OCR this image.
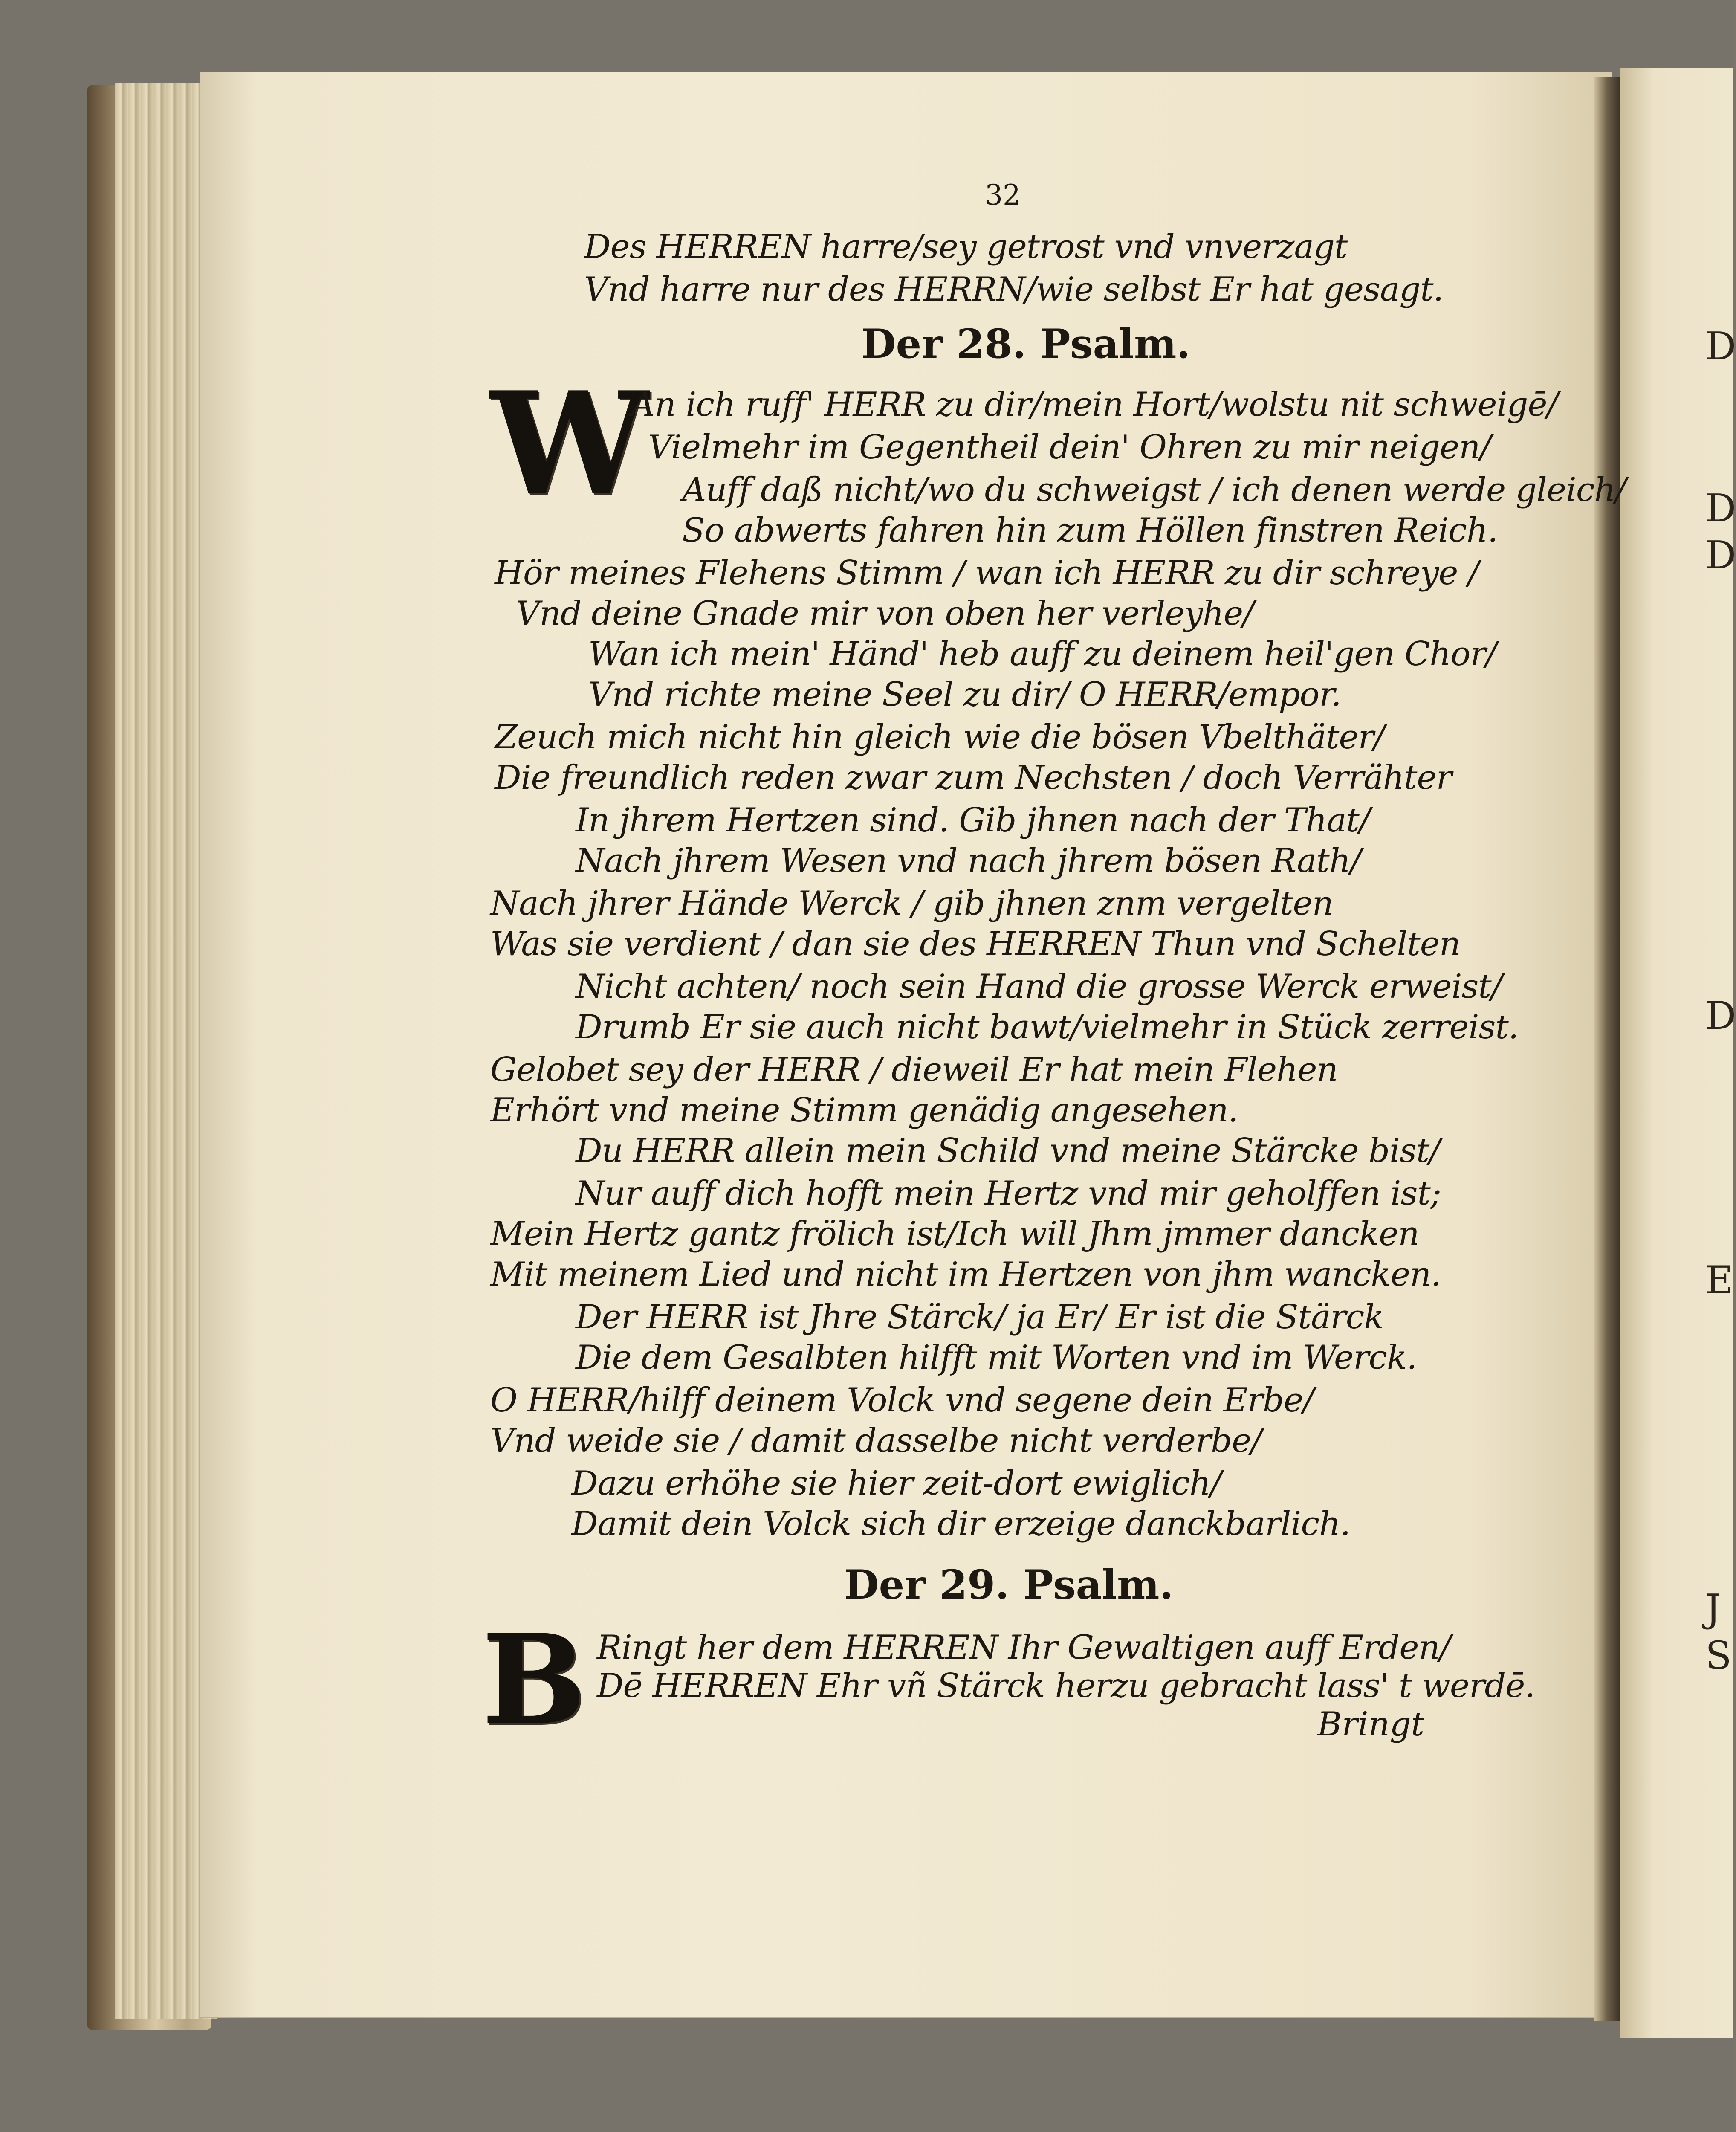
D
D
D
D
E
J
S
32
Des HERREN harre/sey getrost vnd vnverzagt
Vnd harre nur des HERRN/wie selbst Er hat gesagt.
Der 28. Psalm.
W
An ich ruff' HERR zu dir/mein Hort/wolstu nit schweigē/
Vielmehr im Gegentheil dein' Ohren zu mir neigen/
Auff daß nicht/wo du schweigst / ich denen werde gleich/
So abwerts fahren hin zum Höllen finstren Reich.
Hör meines Flehens Stimm / wan ich HERR zu dir schreye /
Vnd deine Gnade mir von oben her verleyhe/
Wan ich mein' Händ' heb auff zu deinem heil'gen Chor/
Vnd richte meine Seel zu dir/ O HERR/empor.
Zeuch mich nicht hin gleich wie die bösen Vbelthäter/
Die freundlich reden zwar zum Nechsten / doch Verrähter
In jhrem Hertzen sind. Gib jhnen nach der That/
Nach jhrem Wesen vnd nach jhrem bösen Rath/
Nach jhrer Hände Werck / gib jhnen znm vergelten
Was sie verdient / dan sie des HERREN Thun vnd Schelten
Nicht achten/ noch sein Hand die grosse Werck erweist/
Drumb Er sie auch nicht bawt/vielmehr in Stück zerreist.
Gelobet sey der HERR / dieweil Er hat mein Flehen
Erhört vnd meine Stimm genädig angesehen.
Du HERR allein mein Schild vnd meine Stärcke bist/
Nur auff dich hofft mein Hertz vnd mir geholffen ist;
Mein Hertz gantz frölich ist/Ich will Jhm jmmer dancken
Mit meinem Lied und nicht im Hertzen von jhm wancken.
Der HERR ist Jhre Stärck/ ja Er/ Er ist die Stärck
Die dem Gesalbten hilfft mit Worten vnd im Werck.
O HERR/hilff deinem Volck vnd segene dein Erbe/
Vnd weide sie / damit dasselbe nicht verderbe/
Dazu erhöhe sie hier zeit-dort ewiglich/
Damit dein Volck sich dir erzeige danckbarlich.
Der 29. Psalm.
B Ringt her dem HERREN Ihr Gewaltigen auff Erden/
Dē HERREN Ehr vñ Stärck herzu gebracht lass' t werdē.
Bringt
